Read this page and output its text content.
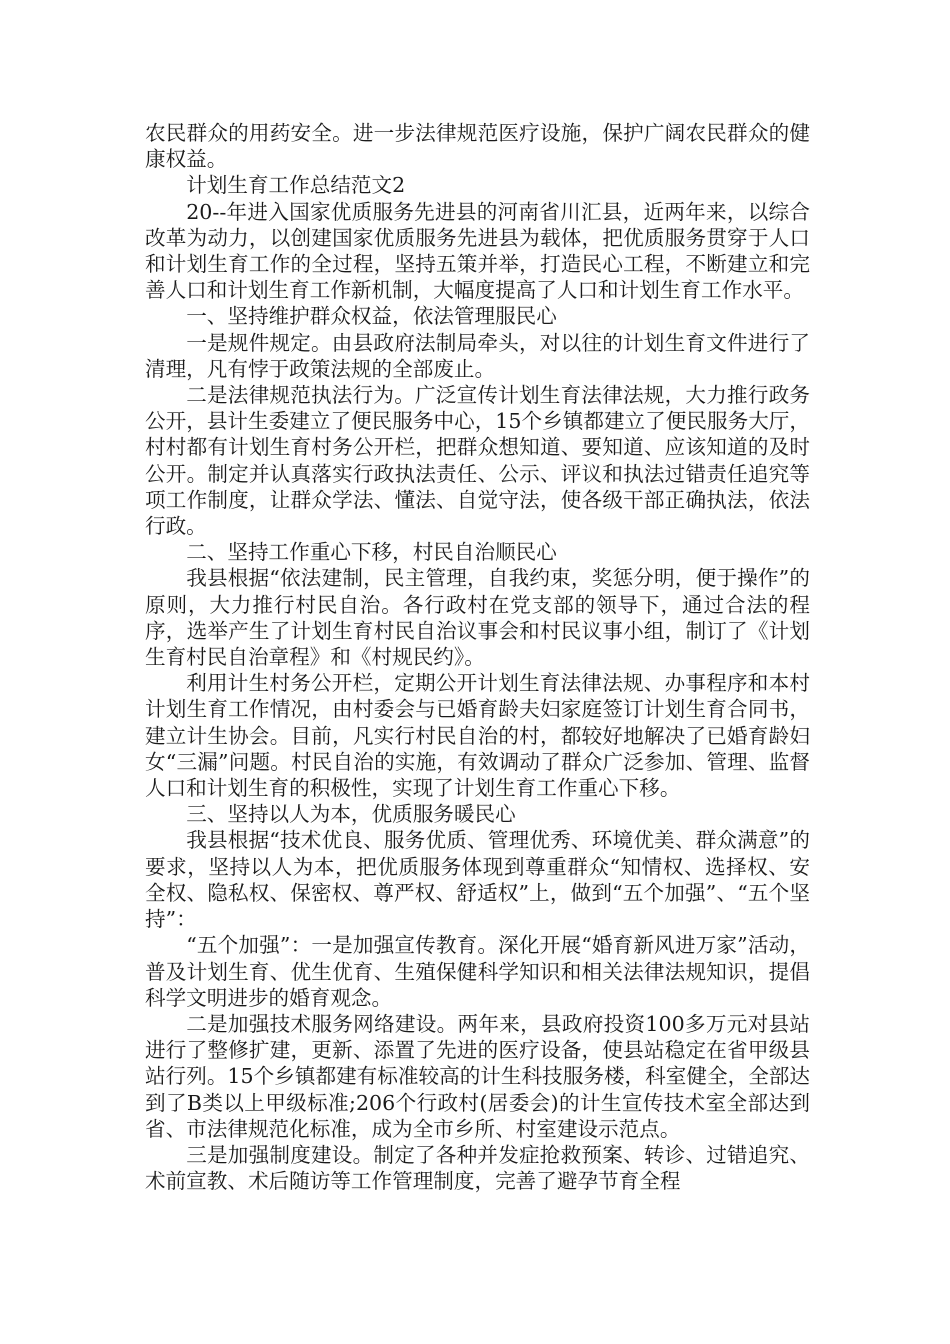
农民群众的用药安全。进一步法律规范医疗设施，保护广阔农民群众的健康权益。

计划生育工作总结范文2

20--年进入国家优质服务先进县的河南省川汇县，近两年来，以综合改革为动力，以创建国家优质服务先进县为载体，把优质服务贯穿于人口和计划生育工作的全过程，坚持五策并举，打造民心工程，不断建立和完善人口和计划生育工作新机制，大幅度提高了人口和计划生育工作水平。

一、坚持维护群众权益，依法管理服民心

一是规件规定。由县政府法制局牵头，对以往的计划生育文件进行了清理，凡有悖于政策法规的全部废止。

二是法律规范执法行为。广泛宣传计划生育法律法规，大力推行政务公开，县计生委建立了便民服务中心，15个乡镇都建立了便民服务大厅，村村都有计划生育村务公开栏，把群众想知道、要知道、应该知道的及时公开。制定并认真落实行政执法责任、公示、评议和执法过错责任追究等项工作制度，让群众学法、懂法、自觉守法，使各级干部正确执法，依法行政。

二、坚持工作重心下移，村民自治顺民心

我县根据“依法建制，民主管理，自我约束，奖惩分明，便于操作”的原则，大力推行村民自治。各行政村在党支部的领导下，通过合法的程序，选举产生了计划生育村民自治议事会和村民议事小组，制订了《计划生育村民自治章程》和《村规民约》。

利用计生村务公开栏，定期公开计划生育法律法规、办事程序和本村计划生育工作情况，由村委会与已婚育龄夫妇家庭签订计划生育合同书，建立计生协会。目前，凡实行村民自治的村，都较好地解决了已婚育龄妇女“三漏”问题。村民自治的实施，有效调动了群众广泛参加、管理、监督人口和计划生育的积极性，实现了计划生育工作重心下移。

三、坚持以人为本，优质服务暖民心

我县根据“技术优良、服务优质、管理优秀、环境优美、群众满意”的要求，坚持以人为本，把优质服务体现到尊重群众“知情权、选择权、安全权、隐私权、保密权、尊严权、舒适权”上，做到“五个加强”、“五个坚持”：

“五个加强”：一是加强宣传教育。深化开展“婚育新风进万家”活动，普及计划生育、优生优育、生殖保健科学知识和相关法律法规知识，提倡科学文明进步的婚育观念。

二是加强技术服务网络建设。两年来，县政府投资100多万元对县站进行了整修扩建，更新、添置了先进的医疗设备，使县站稳定在省甲级县站行列。15个乡镇都建有标准较高的计生科技服务楼，科室健全，全部达到了B类以上甲级标准;206个行政村(居委会)的计生宣传技术室全部达到省、市法律规范化标准，成为全市乡所、村室建设示范点。

三是加强制度建设。制定了各种并发症抢救预案、转诊、过错追究、术前宣教、术后随访等工作管理制度，完善了避孕节育全程
